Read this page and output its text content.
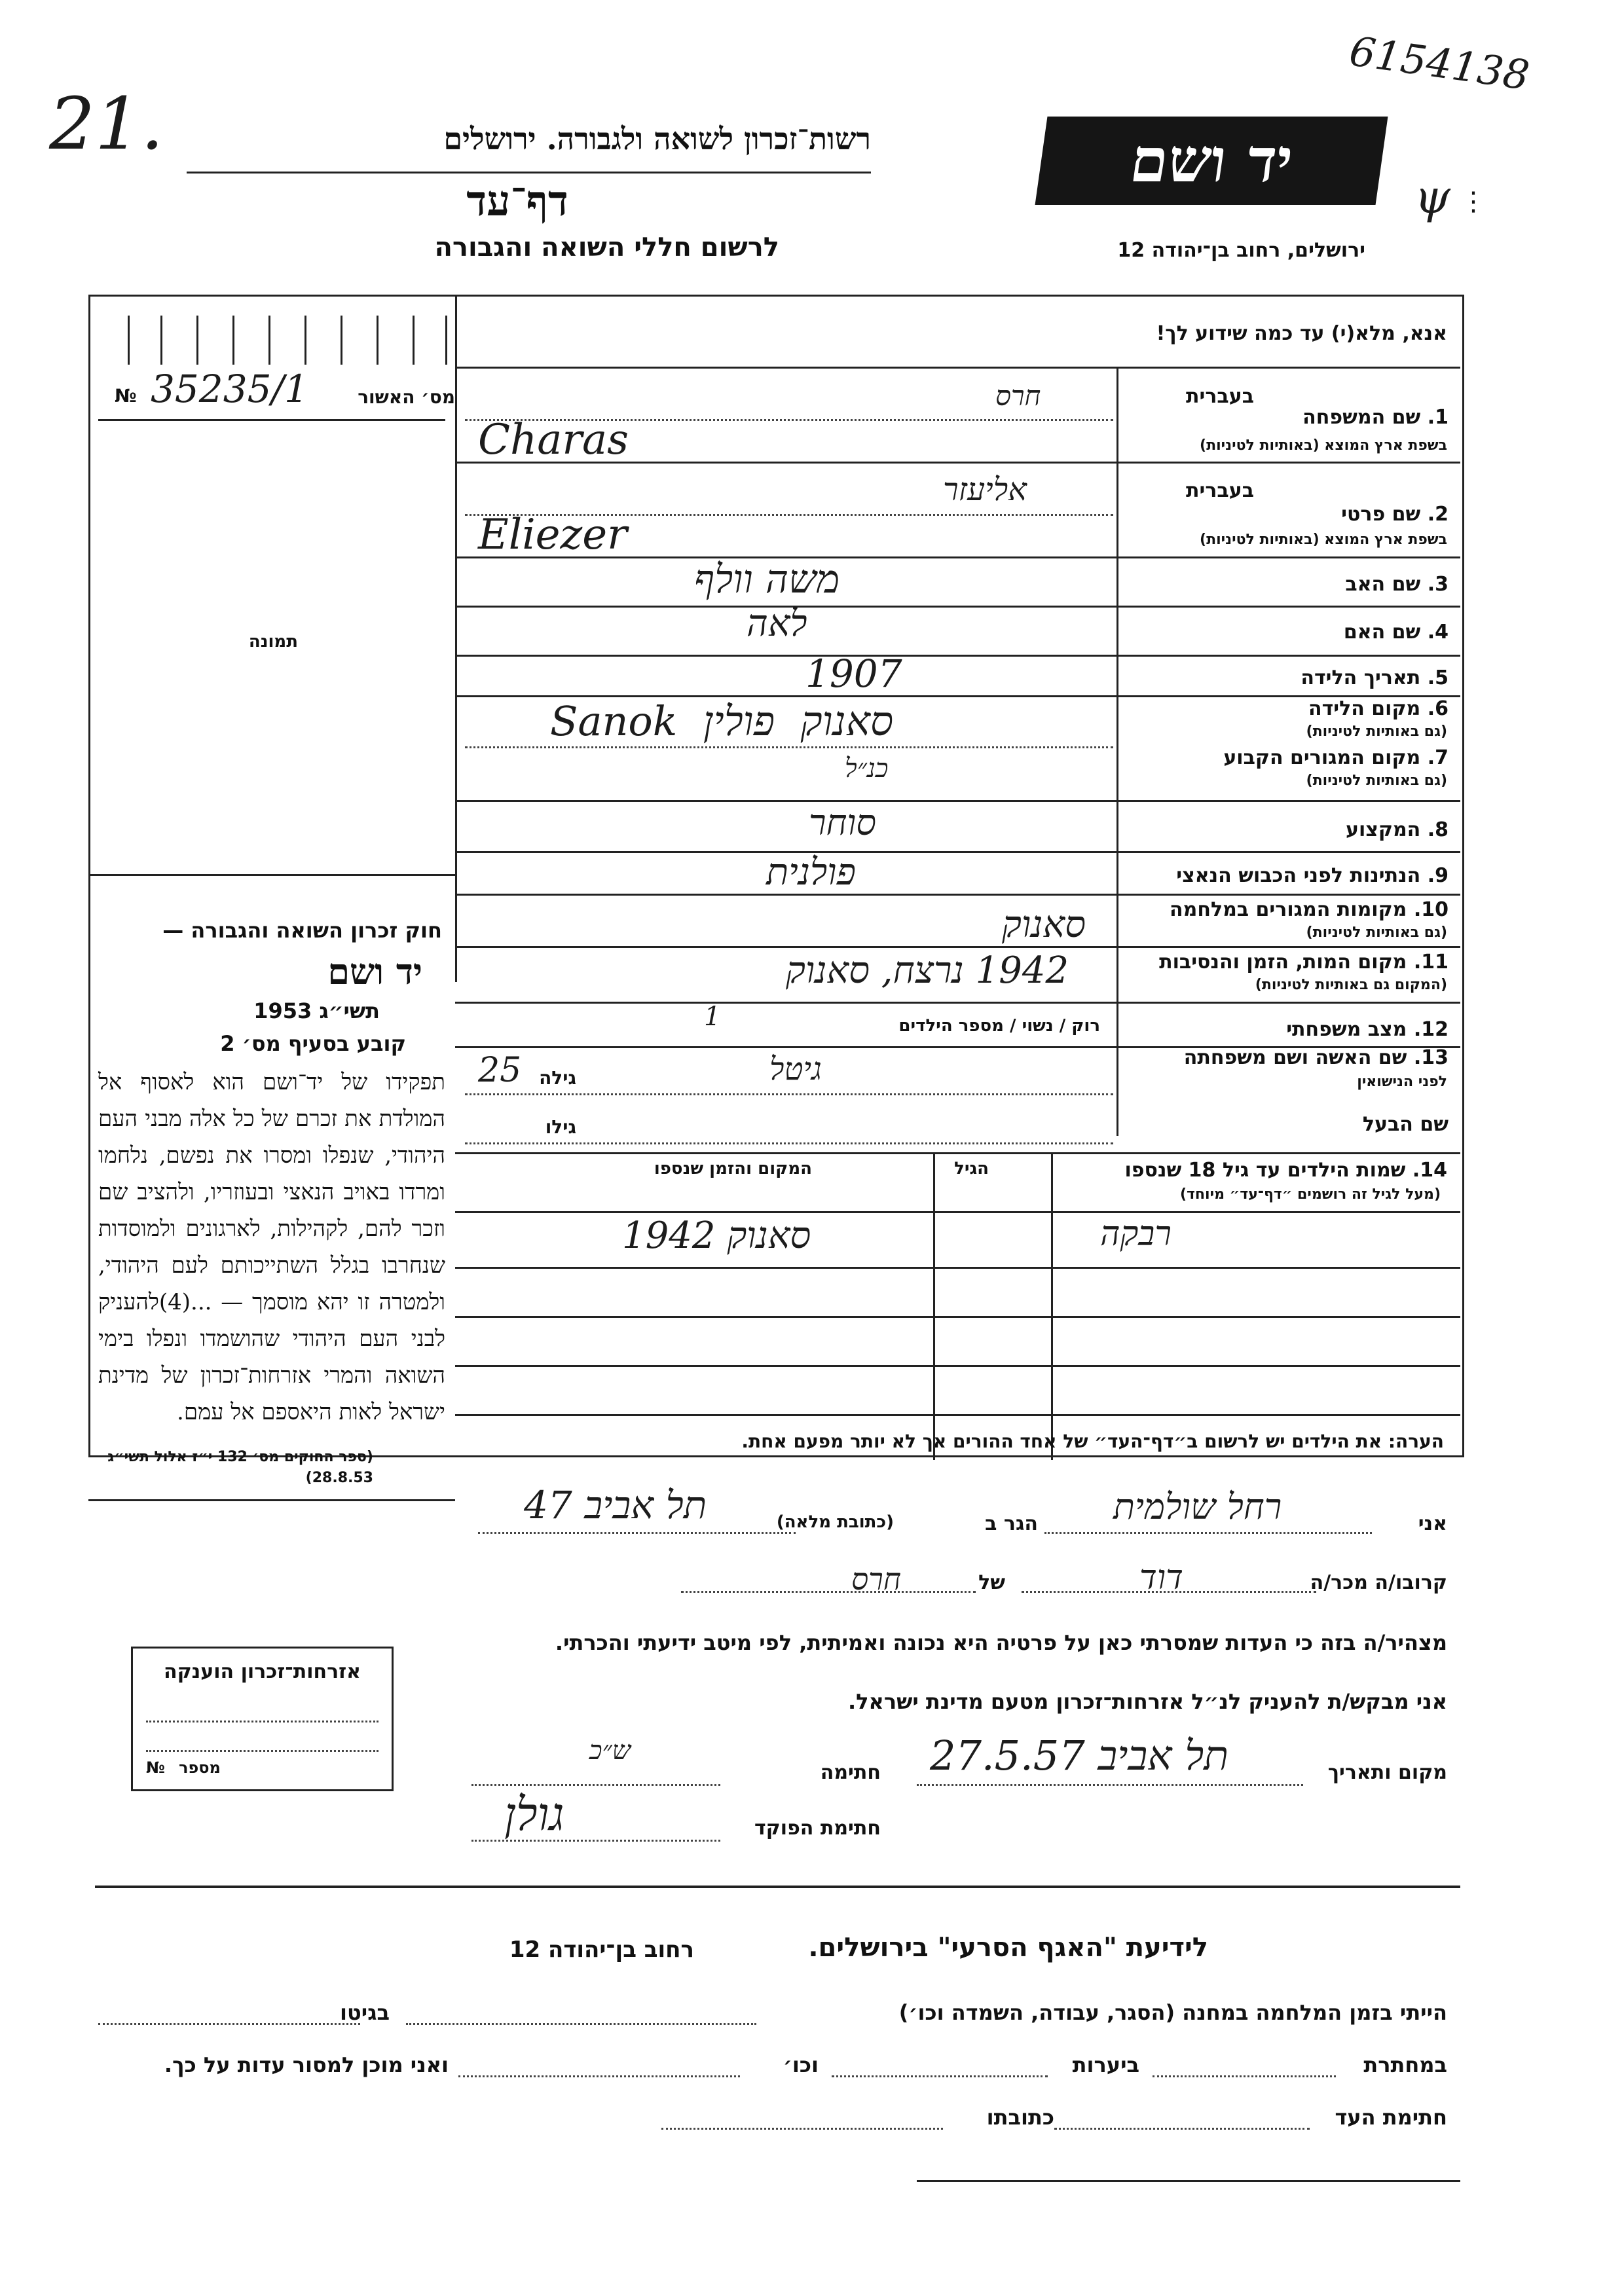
21.
6154138
ψ ⋮
רשות־זכרון לשואה ולגבורה. ירושלים
דף־עד
לרשום חללי השואה והגבורה
יד ושם
ירושלים, רחוב בן־יהודה 12
№ 35235/1	מס׳ האשור
תמונה
חוק זכרון השואה והגבורה —
יד ושם
תשי״ג 1953
קובע בסעיף מס׳ 2
תפקידו של יד־ושם הוא לאסוף אל המולדת את זכרם של כל אלה מבני העם היהודי, שנפלו ומסרו את נפשם, נלחמו ומרדו באויב הנאצי ובעוזריו, ולהציב שם וזכר להם, לקהילות, לארגונים ולמוסדות שנחרבו בגלל השתייכותם לעם היהודי, ולמטרה זו יהא מוסמך — ...(4)להעניק לבני העם היהודי שהושמדו ונפלו בימי השואה והמרי אזרחות־זכרון של מדינת ישראל לאות היאספם אל עמם.
(ספר החוקים מס׳ 132 י״ז אלול תשי״ג 28.8.53)
אנא, מלא(י) עד כמה שידוע לך!
בעברית
1. שם המשפחה
בשפת ארץ המוצא (באותיות לטיניות)
חרס
Charas
בעברית
2. שם פרטי
בשפת ארץ המוצא (באותיות לטיניות)
אליעזר
Eliezer
3. שם האב
משה וולף
4. שם האם
לאה
5. תאריך הלידה
1907
6. מקום הלידה
(גם באותיות לטיניות)
Sanok  סאנוק  פולין
7. מקום המגורים הקבוע
(גם באותיות לטיניות)
כנ״ל
8. המקצוע
סוחר
9. הנתינות לפני הכבוש הנאצי
פולנית
10. מקומות המגורים במלחמה
(גם באותיות לטיניות)
סאנוק
11. מקום המות, הזמן והנסיבות
(המקום גם באותיות לטיניות)
1942 נרצח, סאנוק
12. מצב משפחתי
רוק / נשוי / מספר הילדים
1
13. שם האשה ושם משפחתה
לפני הנישואין
גיטל
גילה
25
שם הבעל
גילו
14. שמות הילדים עד גיל 18 שנספו
(מעל לגיל זה רושמים ״דף־עד״ מיוחד)
הגיל
המקום והזמן שנספו
רבקה
סאנוק 1942
הערה: את הילדים יש לרשום ב״דף־העד״ של אחד ההורים אך לא יותר מפעם אחת.
אני
רחל שולמית
הגר ב
(כתובת מלאה)
תל אביב 47
קרובו/ה מכר/ה
דוד
של
חרס
מצהיר/ה בזה כי העדות שמסרתי כאן על פרטיה היא נכונה ואמיתית, לפי מיטב ידיעתי והכרתי.
אני מבקש/ת להעניק לנ״ל אזרחות־זכרון מטעם מדינת ישראל.
אזרחות־זכרון הוענקה
№ מספר	מקום ותאריך
תל אביב 27.5.57
חתימה
ש״כ
חתימת הפוקד
גולן
לידיעת "האגף הסרעי" בירושלים.
רחוב בן־יהודה 12
הייתי בזמן המלחמה במחנה (הסגר, עבודה, השמדה וכו׳)
בגיטו
במחתרת
ביערות
וכו׳
ואני מוכן למסור עדות על כך.
חתימת העד
כתובתו
